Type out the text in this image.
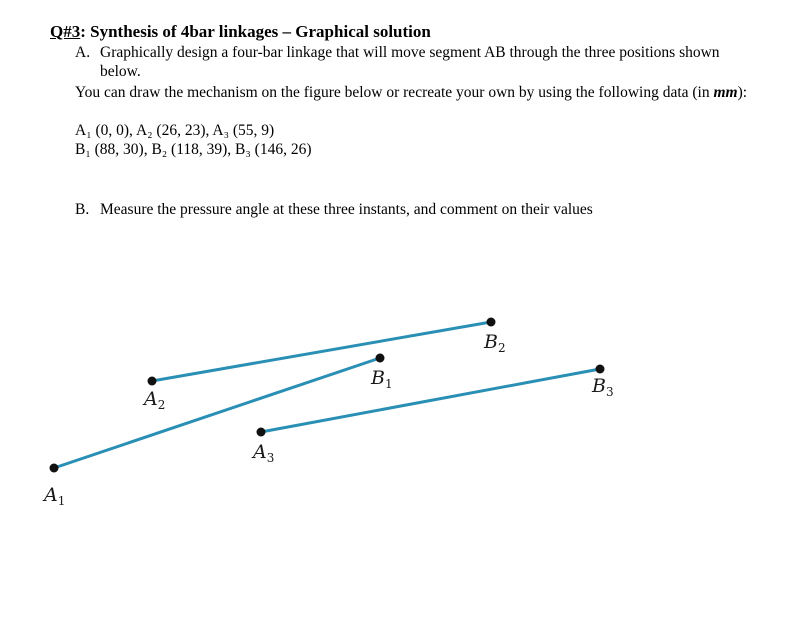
Q#3: Synthesis of 4bar linkages – Graphical solution
A. Graphically design a four-bar linkage that will move segment AB through the three positions shown
below.
You can draw the mechanism on the figure below or recreate your own by using the following data (in mm):
A₁ (0, 0), A₂ (26, 23), A₃ (55, 9)
B₁ (88, 30), B₂ (118, 39), B₃ (146, 26)
B. Measure the pressure angle at these three instants, and comment on their values
$A_1$
$B_1$
$A_2$
$B_2$
$A_3$
$B_3$
